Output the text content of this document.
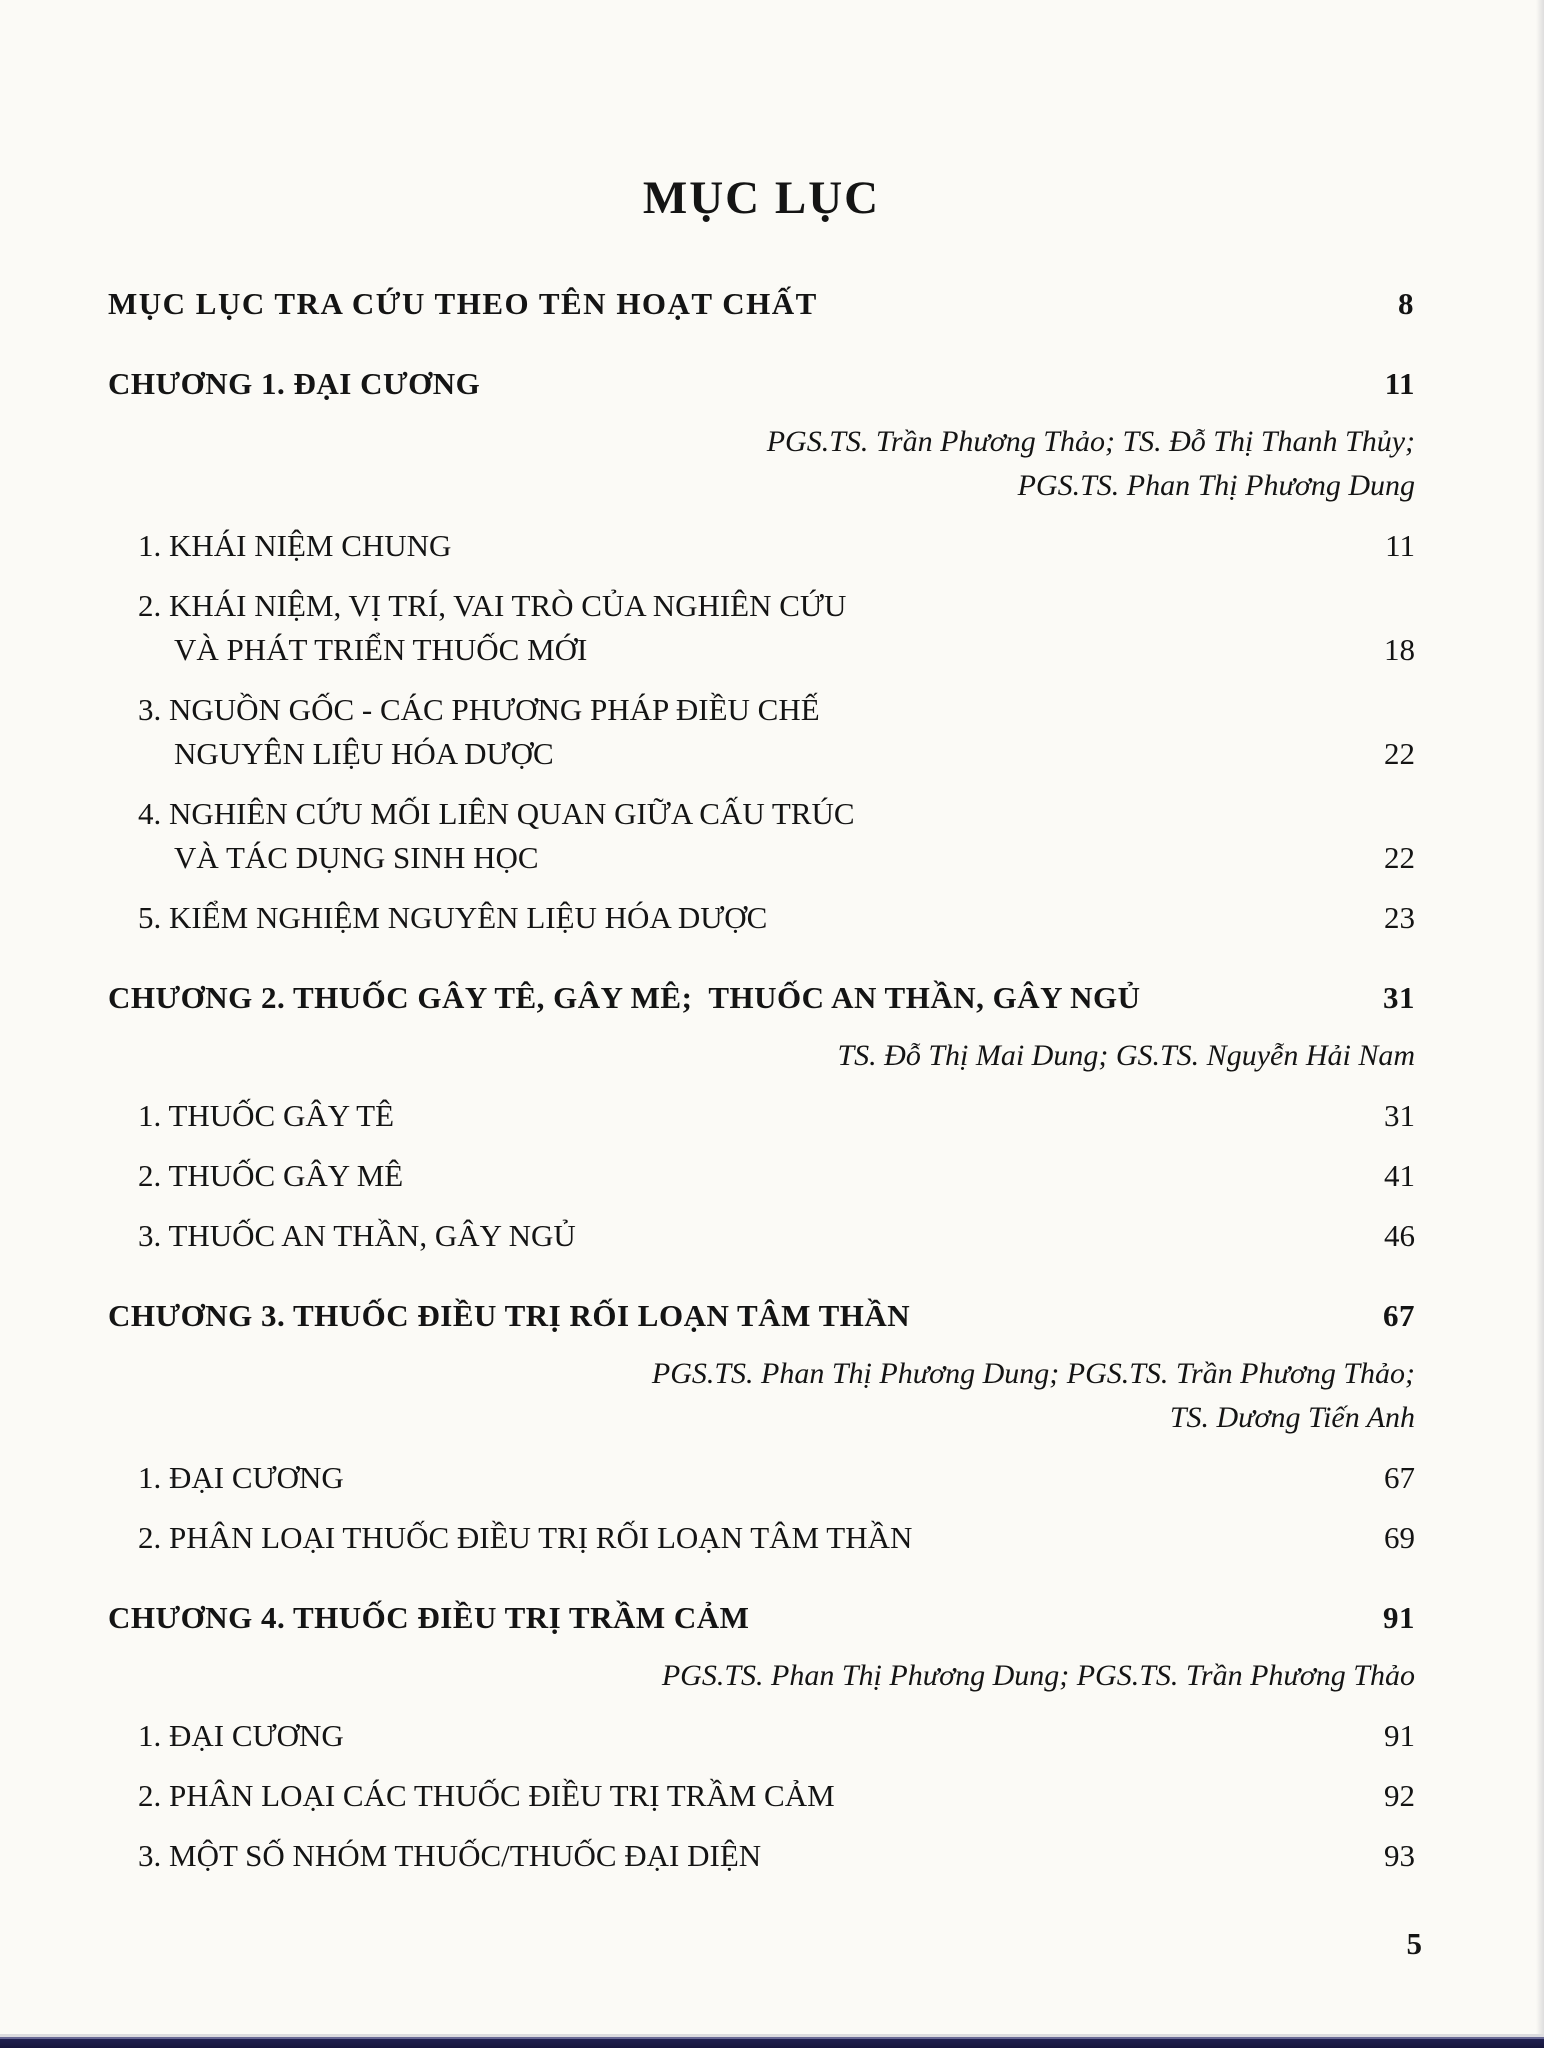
MỤC LỤC
MỤC LỤC TRA CỨU THEO TÊN HOẠT CHẤT	8
CHƯƠNG 1. ĐẠI CƯƠNG	11
PGS.TS. Trần Phương Thảo; TS. Đỗ Thị Thanh Thủy;
PGS.TS. Phan Thị Phương Dung
1. KHÁI NIỆM CHUNG	11
2. KHÁI NIỆM, VỊ TRÍ, VAI TRÒ CỦA NGHIÊN CỨU
VÀ PHÁT TRIỂN THUỐC MỚI	18
3. NGUỒN GỐC - CÁC PHƯƠNG PHÁP ĐIỀU CHẾ
NGUYÊN LIỆU HÓA DƯỢC	22
4. NGHIÊN CỨU MỐI LIÊN QUAN GIỮA CẤU TRÚC
VÀ TÁC DỤNG SINH HỌC	22
5. KIỂM NGHIỆM NGUYÊN LIỆU HÓA DƯỢC	23
CHƯƠNG 2. THUỐC GÂY TÊ, GÂY MÊ;  THUỐC AN THẦN, GÂY NGỦ	31
TS. Đỗ Thị Mai Dung; GS.TS. Nguyễn Hải Nam
1. THUỐC GÂY TÊ	31
2. THUỐC GÂY MÊ	41
3. THUỐC AN THẦN, GÂY NGỦ	46
CHƯƠNG 3. THUỐC ĐIỀU TRỊ RỐI LOẠN TÂM THẦN	67
PGS.TS. Phan Thị Phương Dung; PGS.TS. Trần Phương Thảo;
TS. Dương Tiến Anh
1. ĐẠI CƯƠNG	67
2. PHÂN LOẠI THUỐC ĐIỀU TRỊ RỐI LOẠN TÂM THẦN	69
CHƯƠNG 4. THUỐC ĐIỀU TRỊ TRẦM CẢM	91
PGS.TS. Phan Thị Phương Dung; PGS.TS. Trần Phương Thảo
1. ĐẠI CƯƠNG	91
2. PHÂN LOẠI CÁC THUỐC ĐIỀU TRỊ TRẦM CẢM	92
3. MỘT SỐ NHÓM THUỐC/THUỐC ĐẠI DIỆN	93
5
